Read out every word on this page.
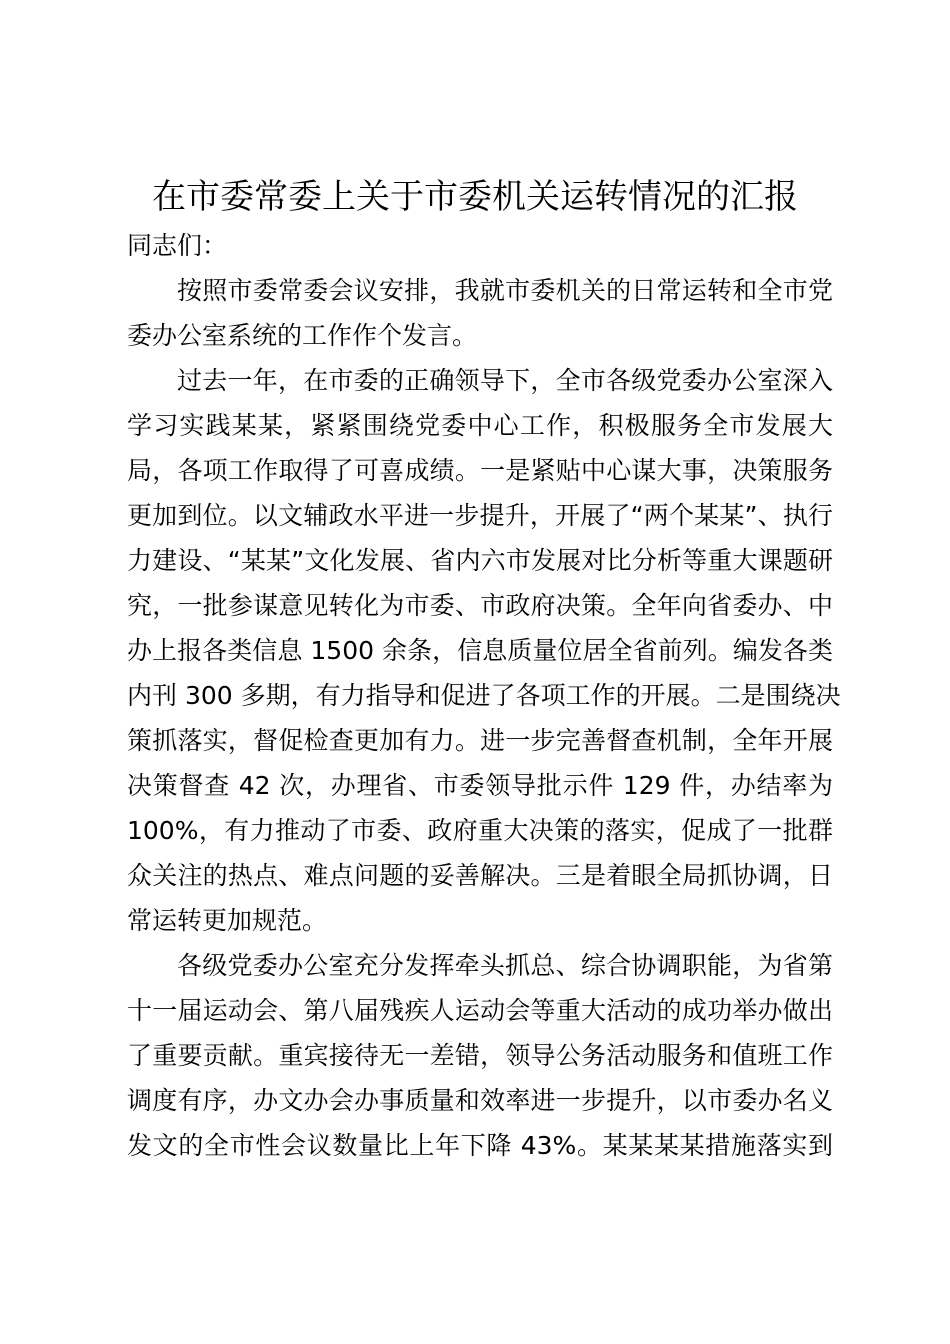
在市委常委上关于市委机关运转情况的汇报

同志们：

按照市委常委会议安排，我就市委机关的日常运转和全市党

委办公室系统的工作作个发言。

过去一年，在市委的正确领导下，全市各级党委办公室深入

学习实践某某，紧紧围绕党委中心工作，积极服务全市发展大

局，各项工作取得了可喜成绩。一是紧贴中心谋大事，决策服务

更加到位。以文辅政水平进一步提升，开展了“两个某某”、执行

力建设、“某某”文化发展、省内六市发展对比分析等重大课题研

究，一批参谋意见转化为市委、市政府决策。全年向省委办、中

办上报各类信息 1500 余条，信息质量位居全省前列。编发各类

内刊 300 多期，有力指导和促进了各项工作的开展。二是围绕决

策抓落实，督促检查更加有力。进一步完善督查机制，全年开展

决策督查 42 次，办理省、市委领导批示件 129 件，办结率为

100%，有力推动了市委、政府重大决策的落实，促成了一批群

众关注的热点、难点问题的妥善解决。三是着眼全局抓协调，日

常运转更加规范。

各级党委办公室充分发挥牵头抓总、综合协调职能，为省第

十一届运动会、第八届残疾人运动会等重大活动的成功举办做出

了重要贡献。重宾接待无一差错，领导公务活动服务和值班工作

调度有序，办文办会办事质量和效率进一步提升，以市委办名义

发文的全市性会议数量比上年下降 43%。某某某某措施落实到
